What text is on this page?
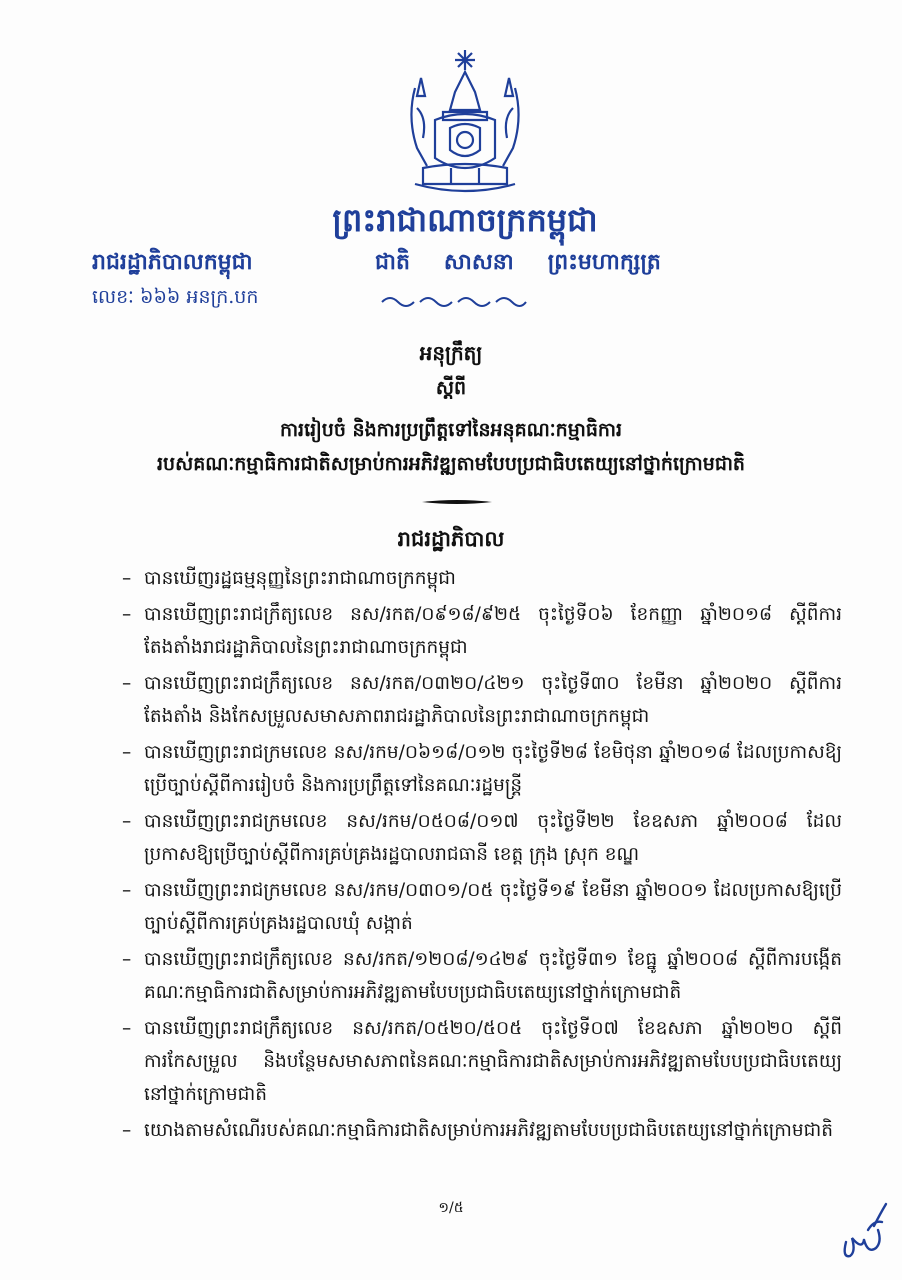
ព្រះរាជាណាចក្រកម្ពុជា
រាជរដ្ឋាភិបាលកម្ពុជា	ជាតិ សាសនា ព្រះមហាក្សត្រ
លេខៈ ៦៦៦ អនក្រ.បក
អនុក្រឹត្យ
ស្ដីពី
ការរៀបចំ និងការប្រព្រឹត្តទៅនៃអនុគណៈកម្មាធិការ
របស់គណៈកម្មាធិការជាតិសម្រាប់ការអភិវឌ្ឍតាមបែបប្រជាធិបតេយ្យនៅថ្នាក់ក្រោមជាតិ
រាជរដ្ឋាភិបាល
– បានឃើញរដ្ឋធម្មនុញ្ញនៃព្រះរាជាណាចក្រកម្ពុជា
– បានឃើញព្រះរាជក្រឹត្យលេខ នស/រកត/០៩១៨/៩២៥ ចុះថ្ងៃទី០៦ ខែកញ្ញា ឆ្នាំ២០១៨ ស្ដីពីការតែងតាំងរាជរដ្ឋាភិបាលនៃព្រះរាជាណាចក្រកម្ពុជា
– បានឃើញព្រះរាជក្រឹត្យលេខ នស/រកត/០៣២០/៤២១ ចុះថ្ងៃទី៣០ ខែមីនា ឆ្នាំ២០២០ ស្ដីពីការតែងតាំង និងកែសម្រួលសមាសភាពរាជរដ្ឋាភិបាលនៃព្រះរាជាណាចក្រកម្ពុជា
– បានឃើញព្រះរាជក្រមលេខ នស/រកម/០៦១៨/០១២ ចុះថ្ងៃទី២៨ ខែមិថុនា ឆ្នាំ២០១៨ ដែលប្រកាសឱ្យប្រើច្បាប់ស្ដីពីការរៀបចំ និងការប្រព្រឹត្តទៅនៃគណៈរដ្ឋមន្ត្រី
– បានឃើញព្រះរាជក្រមលេខ នស/រកម/០៥០៨/០១៧ ចុះថ្ងៃទី២២ ខែឧសភា ឆ្នាំ២០០៨ ដែលប្រកាសឱ្យប្រើច្បាប់ស្ដីពីការគ្រប់គ្រងរដ្ឋបាលរាជធានី ខេត្ត ក្រុង ស្រុក ខណ្ឌ
– បានឃើញព្រះរាជក្រមលេខ នស/រកម/០៣០១/០៥ ចុះថ្ងៃទី១៩ ខែមីនា ឆ្នាំ២០០១ ដែលប្រកាសឱ្យប្រើច្បាប់ស្ដីពីការគ្រប់គ្រងរដ្ឋបាលឃុំ សង្កាត់
– បានឃើញព្រះរាជក្រឹត្យលេខ នស/រកត/១២០៨/១៤២៩ ចុះថ្ងៃទី៣១ ខែធ្នូ ឆ្នាំ២០០៨ ស្ដីពីការបង្កើតគណៈកម្មាធិការជាតិសម្រាប់ការអភិវឌ្ឍតាមបែបប្រជាធិបតេយ្យនៅថ្នាក់ក្រោមជាតិ
– បានឃើញព្រះរាជក្រឹត្យលេខ នស/រកត/០៥២០/៥០៥ ចុះថ្ងៃទី០៧ ខែឧសភា ឆ្នាំ២០២០ ស្ដីពីការកែសម្រួល និងបន្ថែមសមាសភាពនៃគណៈកម្មាធិការជាតិសម្រាប់ការអភិវឌ្ឍតាមបែបប្រជាធិបតេយ្យនៅថ្នាក់ក្រោមជាតិ
– យោងតាមសំណើរបស់គណៈកម្មាធិការជាតិសម្រាប់ការអភិវឌ្ឍតាមបែបប្រជាធិបតេយ្យនៅថ្នាក់ក្រោមជាតិ
១/៥
